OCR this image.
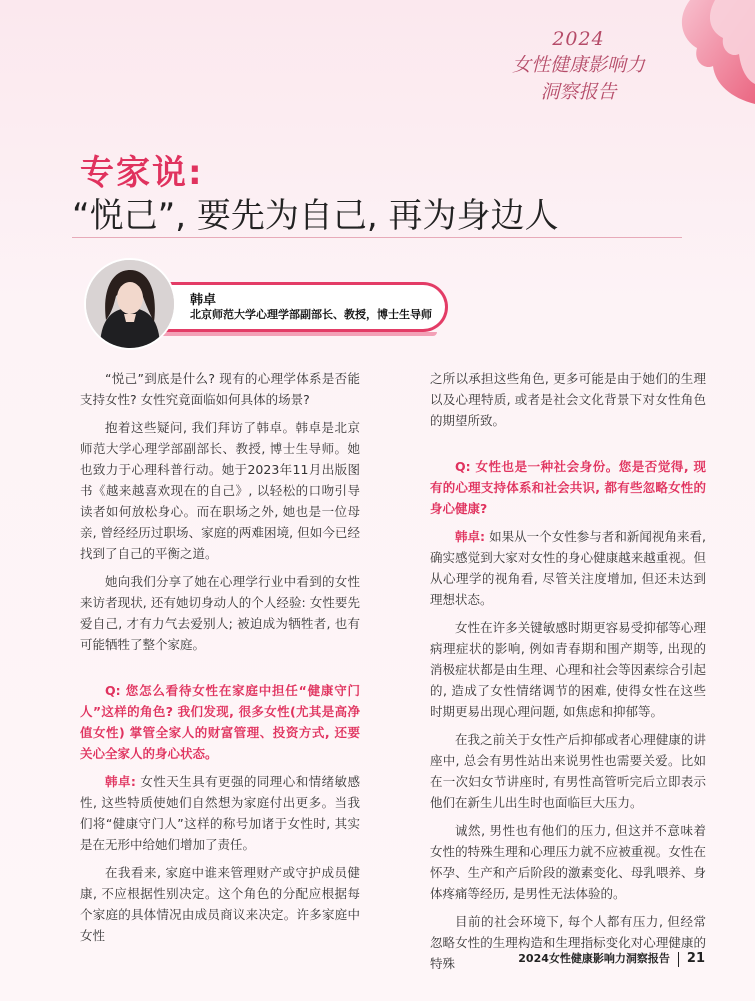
2024
女性健康影响力
洞察报告
专家说:
“悦己”, 要先为自己, 再为身边人
韩卓
北京师范大学心理学部副部长、教授，博士生导师

“悦己”到底是什么? 现有的心理学体系是否能支持女性? 女性究竟面临如何具体的场景?

抱着这些疑问, 我们拜访了韩卓。韩卓是北京师范大学心理学部副部长、教授, 博士生导师。她也致力于心理科普行动。她于2023年11月出版图书《越来越喜欢现在的自己》, 以轻松的口吻引导读者如何放松身心。而在职场之外, 她也是一位母亲, 曾经经历过职场、家庭的两难困境, 但如今已经找到了自己的平衡之道。

她向我们分享了她在心理学行业中看到的女性来访者现状, 还有她切身动人的个人经验: 女性要先爱自己, 才有力气去爱别人; 被迫成为牺牲者, 也有可能牺牲了整个家庭。

Q: 您怎么看待女性在家庭中担任“健康守门人”这样的角色? 我们发现, 很多女性(尤其是高净值女性) 掌管全家人的财富管理、投资方式, 还要关心全家人的身心状态。

韩卓: 女性天生具有更强的同理心和情绪敏感性, 这些特质使她们自然想为家庭付出更多。当我们将“健康守门人”这样的称号加诸于女性时, 其实是在无形中给她们增加了责任。

在我看来, 家庭中谁来管理财产或守护成员健康, 不应根据性别决定。这个角色的分配应根据每个家庭的具体情况由成员商议来决定。许多家庭中女性

之所以承担这些角色, 更多可能是由于她们的生理以及心理特质, 或者是社会文化背景下对女性角色的期望所致。

Q: 女性也是一种社会身份。您是否觉得, 现有的心理支持体系和社会共识, 都有些忽略女性的身心健康?

韩卓: 如果从一个女性参与者和新闻视角来看, 确实感觉到大家对女性的身心健康越来越重视。但从心理学的视角看, 尽管关注度增加, 但还未达到理想状态。

女性在许多关键敏感时期更容易受抑郁等心理病理症状的影响, 例如青春期和围产期等, 出现的消极症状都是由生理、心理和社会等因素综合引起的, 造成了女性情绪调节的困难, 使得女性在这些时期更易出现心理问题, 如焦虑和抑郁等。

在我之前关于女性产后抑郁或者心理健康的讲座中, 总会有男性站出来说男性也需要关爱。比如在一次妇女节讲座时, 有男性高管听完后立即表示他们在新生儿出生时也面临巨大压力。

诚然, 男性也有他们的压力, 但这并不意味着女性的特殊生理和心理压力就不应被重视。女性在怀孕、生产和产后阶段的激素变化、母乳喂养、身体疼痛等经历, 是男性无法体验的。

目前的社会环境下, 每个人都有压力, 但经常忽略女性的生理构造和生理指标变化对心理健康的特殊	2024女性健康影响力洞察报告 21
